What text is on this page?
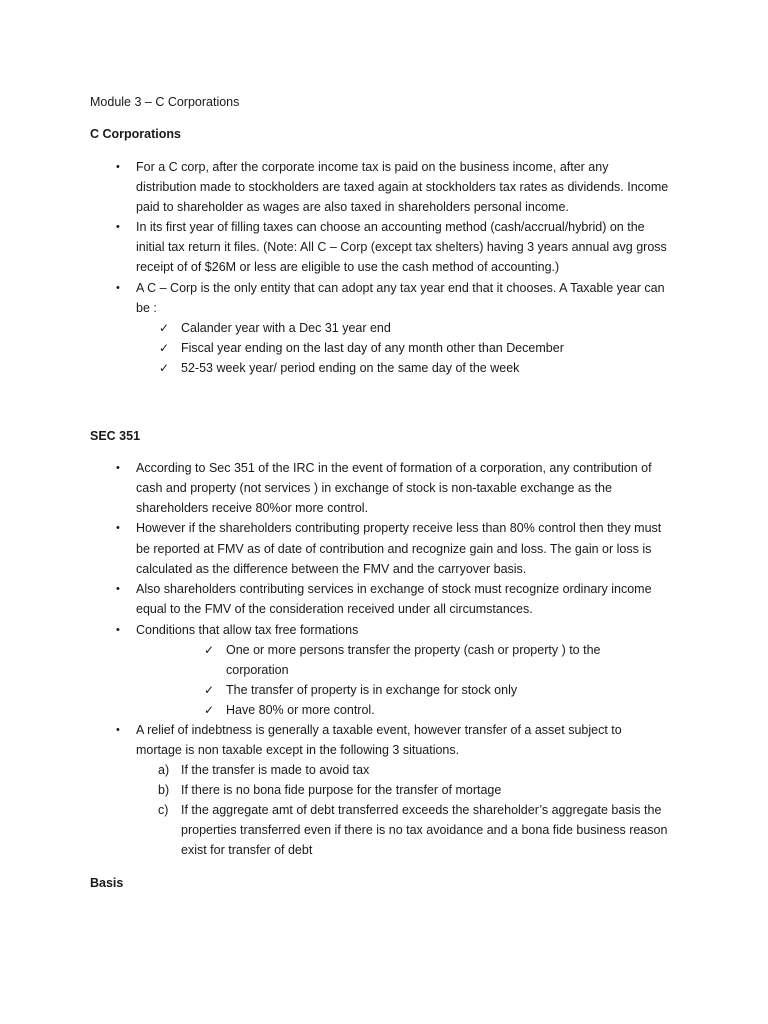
Module 3 – C Corporations
C Corporations
• For a C corp, after the corporate income tax is paid on the business income, after any
distribution made to stockholders are taxed again at stockholders tax rates as dividends. Income
paid to shareholder as wages are also taxed in shareholders personal income.
• In its first year of filling taxes can choose an accounting method (cash/accrual/hybrid) on the
initial tax return it files. (Note: All C – Corp (except tax shelters) having 3 years annual avg gross
receipt of of $26M or less are eligible to use the cash method of accounting.)
• A C – Corp is the only entity that can adopt any tax year end that it chooses. A Taxable year can
be :
✓ Calander year with a Dec 31 year end
✓ Fiscal year ending on the last day of any month other than December
✓ 52-53 week year/ period ending on the same day of the week
SEC 351
• According to Sec 351 of the IRC in the event of formation of a corporation, any contribution of
cash and property (not services ) in exchange of stock is non-taxable exchange as the
shareholders receive 80%or more control.
• However if the shareholders contributing property receive less than 80% control then they must
be reported at FMV as of date of contribution and recognize gain and loss. The gain or loss is
calculated as the difference between the FMV and the carryover basis.
• Also shareholders contributing services in exchange of stock must recognize ordinary income
equal to the FMV of the consideration received under all circumstances.
• Conditions that allow tax free formations
✓ One or more persons transfer the property (cash or property ) to the
corporation
✓ The transfer of property is in exchange for stock only
✓ Have 80% or more control.
• A relief of indebtness is generally a taxable event, however transfer of a asset subject to
mortage is non taxable except in the following 3 situations.
a) If the transfer is made to avoid tax
b) If there is no bona fide purpose for the transfer of mortage
c) If the aggregate amt of debt transferred exceeds the shareholder’s aggregate basis the
properties transferred even if there is no tax avoidance and a bona fide business reason
exist for transfer of debt
Basis
